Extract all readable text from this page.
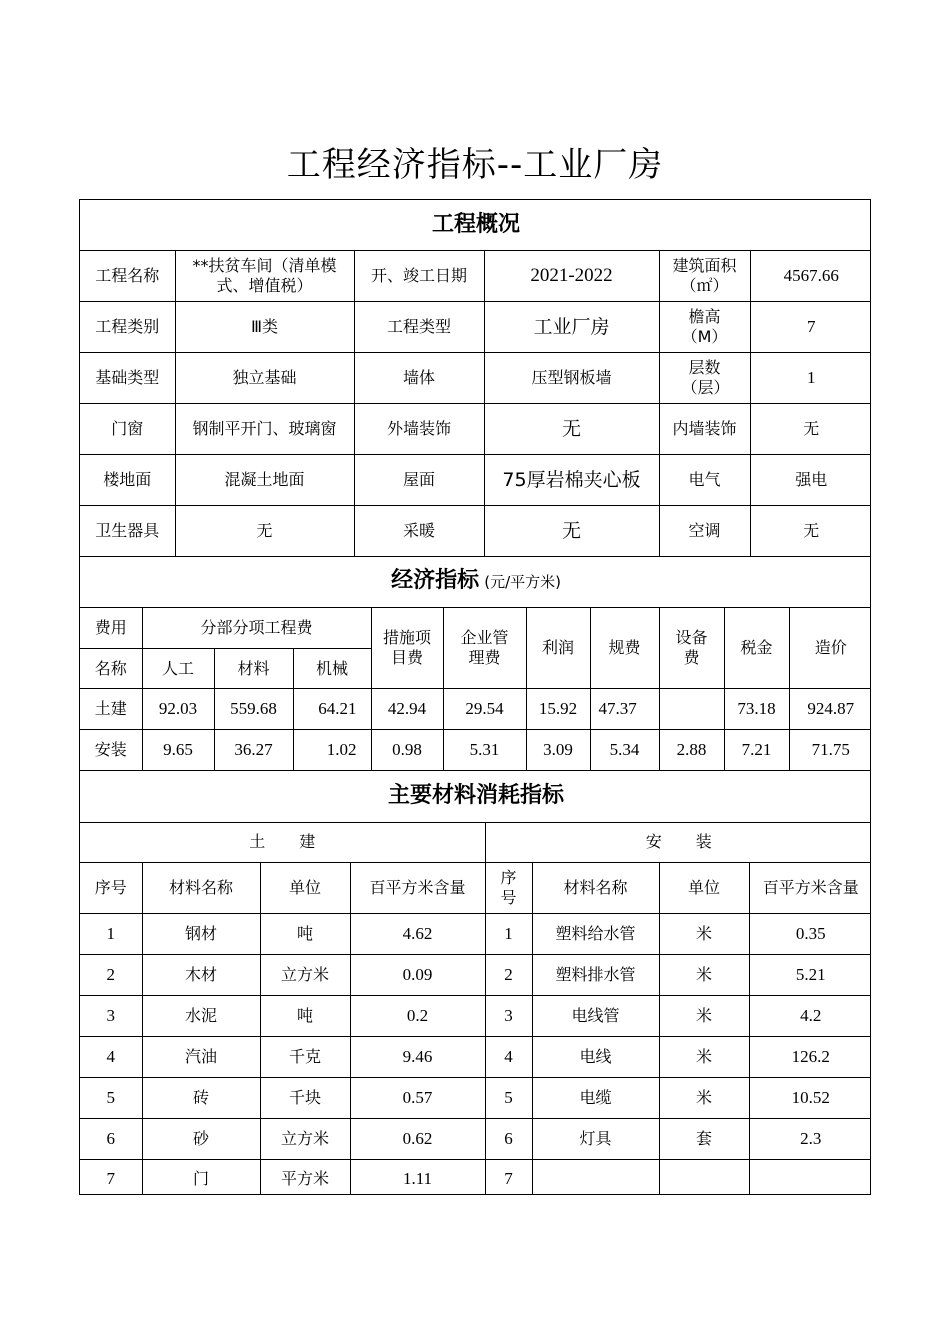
工程经济指标--工业厂房
工程概况					
工程名称	**扶贫车间（清单模式、增值税）	开、竣工日期	2021-2022	建筑面积（㎡）	4567.66
工程类别	Ⅲ类	工程类型	工业厂房	檐高（M）	7
基础类型	独立基础	墙体	压型钢板墙	层数（层）	1
门窗	钢制平开门、玻璃窗	外墙装饰	无	内墙装饰	无
楼地面	混凝土地面	屋面	75厚岩棉夹心板	电气	强电
卫生器具	无	采暖	无	空调	无
经济指标 (元/平方米)										
费用	分部分项工程费			措施项目费	企业管理费	利润	规费	设备费	税金	造价
名称	人工	材料	机械							
土建	92.03	559.68	64.21	42.94	29.54	15.92	47.37		73.18	924.87
安装	9.65	36.27	1.02	0.98	5.31	3.09	5.34	2.88	7.21	71.75
主要材料消耗指标							
土建				安装			
序号	材料名称	单位	百平方米含量	序号	材料名称	单位	百平方米含量
1	钢材	吨	4.62	1	塑料给水管	米	0.35
2	木材	立方米	0.09	2	塑料排水管	米	5.21
3	水泥	吨	0.2	3	电线管	米	4.2
4	汽油	千克	9.46	4	电线	米	126.2
5	砖	千块	0.57	5	电缆	米	10.52
6	砂	立方米	0.62	6	灯具	套	2.3
7	门	平方米	1.11	7			
